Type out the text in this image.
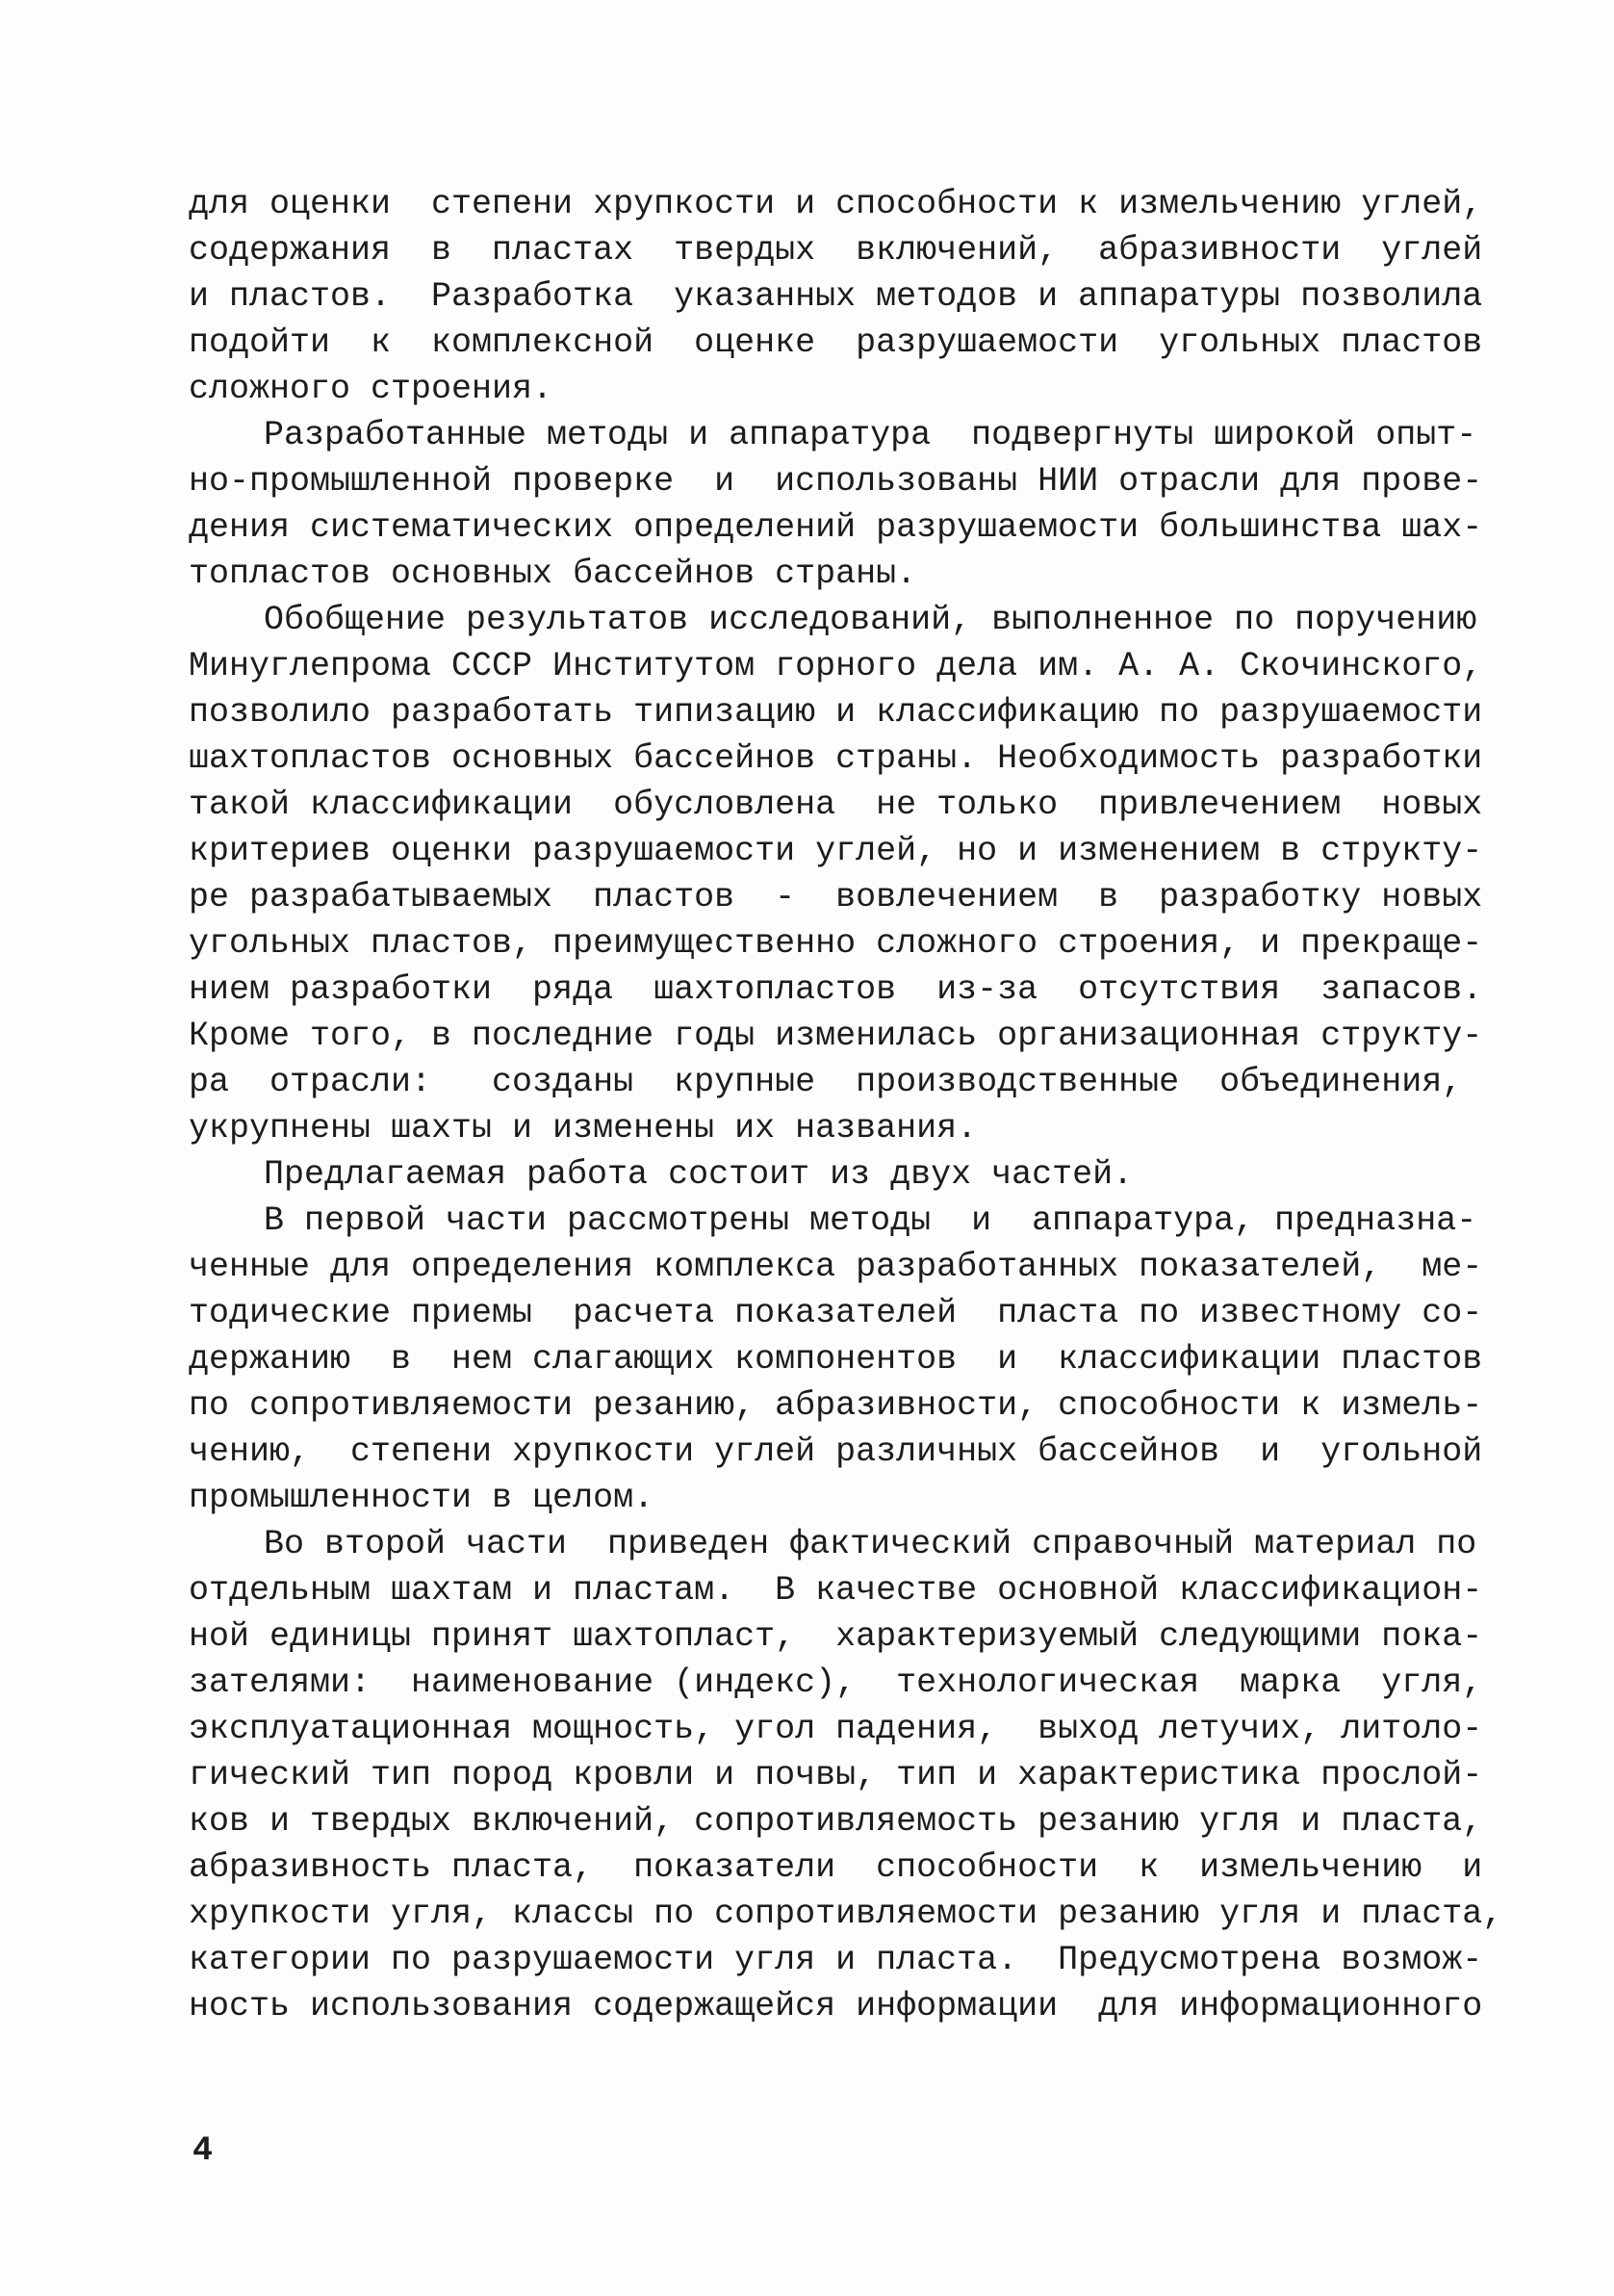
для оценки  степени хрупкости и способности к измельчению углей,
содержания  в  пластах  твердых  включений,  абразивности  углей
и пластов.  Разработка  указанных методов и аппаратуры позволила
подойти  к  комплексной  оценке  разрушаемости  угольных пластов
сложного строения.
Разработанные методы и аппаратура  подвергнуты широкой опыт-
но-промышленной проверке  и  использованы НИИ отрасли для прове-
дения систематических определений разрушаемости большинства шах-
топластов основных бассейнов страны.
Обобщение результатов исследований, выполненное по поручению
Минуглепрома СССР Институтом горного дела им. А. А. Скочинского,
позволило разработать типизацию и классификацию по разрушаемости
шахтопластов основных бассейнов страны. Необходимость разработки
такой классификации  обусловлена  не только  привлечением  новых
критериев оценки разрушаемости углей, но и изменением в структу-
ре разрабатываемых  пластов  -  вовлечением  в  разработку новых
угольных пластов, преимущественно сложного строения, и прекраще-
нием разработки  ряда  шахтопластов  из-за  отсутствия  запасов.
Кроме того, в последние годы изменилась организационная структу-
ра  отрасли:   созданы  крупные  производственные  объединения,
укрупнены шахты и изменены их названия.
Предлагаемая работа состоит из двух частей.
В первой части рассмотрены методы  и  аппаратура, предназна-
ченные для определения комплекса разработанных показателей,  ме-
тодические приемы  расчета показателей  пласта по известному со-
держанию  в  нем слагающих компонентов  и  классификации пластов
по сопротивляемости резанию, абразивности, способности к измель-
чению,  степени хрупкости углей различных бассейнов  и  угольной
промышленности в целом.
Во второй части  приведен фактический справочный материал по
отдельным шахтам и пластам.  В качестве основной классификацион-
ной единицы принят шахтопласт,  характеризуемый следующими пока-
зателями:  наименование (индекс),  технологическая  марка  угля,
эксплуатационная мощность, угол падения,  выход летучих, литоло-
гический тип пород кровли и почвы, тип и характеристика прослой-
ков и твердых включений, сопротивляемость резанию угля и пласта,
абразивность пласта,  показатели  способности  к  измельчению  и
хрупкости угля, классы по сопротивляемости резанию угля и пласта,
категории по разрушаемости угля и пласта.  Предусмотрена возмож-
ность использования содержащейся информации  для информационного
4
